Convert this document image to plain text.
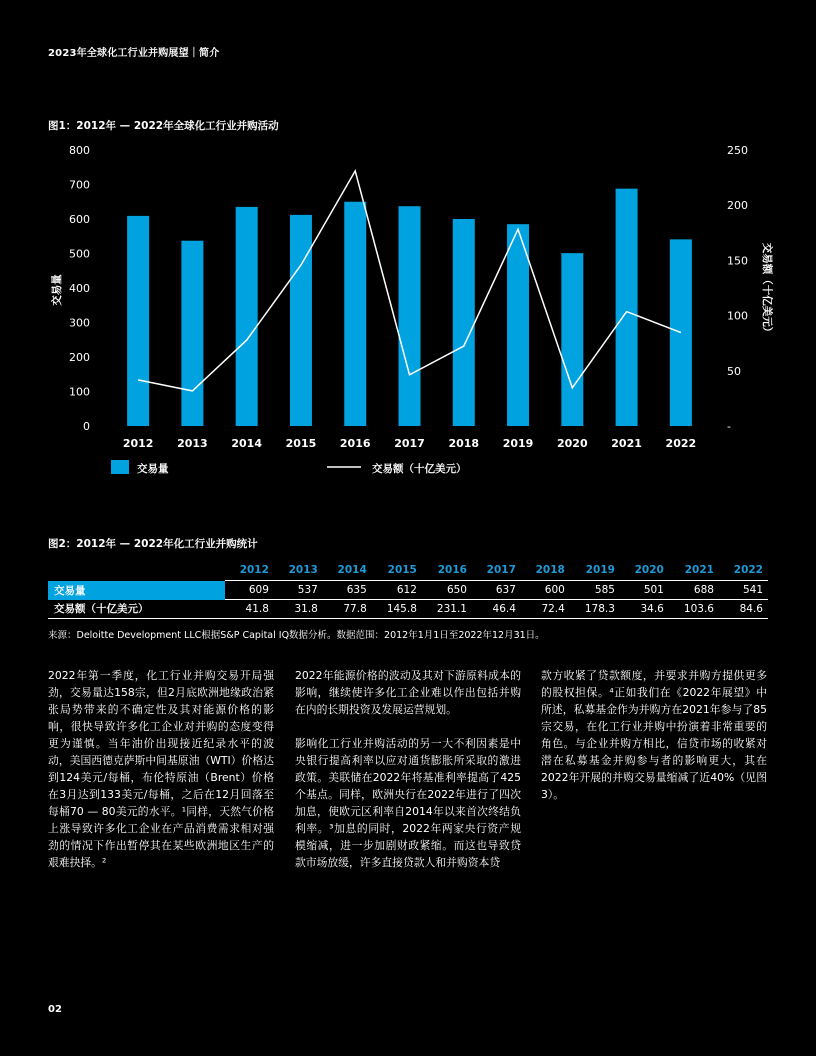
2023年全球化工行业并购展望｜简介
图1：2012年 — 2022年全球化工行业并购活动
0
100
200
300
400
500
600
700
800
-
50
100
150
200
250
2012 2013 2014 2015 2016 2017 2018 2019 2020 2021 2022
交易量	交易额（十亿美元）
交易量	交易额（十亿美元）
图2：2012年 — 2022年化工行业并购统计
	2012	2013	2014	2015	2016	2017	2018	2019	2020	2021	2022
交易量	609	537	635	612	650	637	600	585	501	688	541
交易额（十亿美元）	41.8	31.8	77.8	145.8	231.1	46.4	72.4	178.3	34.6	103.6	84.6
来源：Deloitte Development LLC根据S&P Capital IQ数据分析。数据范围：2012年1月1日至2022年12月31日。

2022年第一季度，化工行业并购交易开局强劲，交易量达158宗，但2月底欧洲地缘政治紧张局势带来的不确定性及其对能源价格的影响，很快导致许多化工企业对并购的态度变得更为谨慎。当年油价出现接近纪录水平的波动，美国西德克萨斯中间基原油（WTI）价格达到124美元/每桶，布伦特原油（Brent）价格在3月达到133美元/每桶，之后在12月回落至每桶70 — 80美元的水平。¹同样，天然气价格上涨导致许多化工企业在产品消费需求相对强劲的情况下作出暂停其在某些欧洲地区生产的艰难抉择。²

2022年能源价格的波动及其对下游原料成本的影响，继续使许多化工企业难以作出包括并购在内的长期投资及发展运营规划。

影响化工行业并购活动的另一大不利因素是中央银行提高利率以应对通货膨胀所采取的激进政策。美联储在2022年将基准利率提高了425个基点。同样，欧洲央行在2022年进行了四次加息，使欧元区利率自2014年以来首次终结负利率。³加息的同时，2022年两家央行资产规模缩减，进一步加剧财政紧缩。而这也导致贷款市场放缓，许多直接贷款人和并购资本贷

款方收紧了贷款额度，并要求并购方提供更多的股权担保。⁴正如我们在《2022年展望》中所述，私募基金作为并购方在2021年参与了85宗交易，在化工行业并购中扮演着非常重要的角色。与企业并购方相比，信贷市场的收紧对潜在私募基金并购参与者的影响更大，其在2022年开展的并购交易量缩减了近40%（见图3）。

02
